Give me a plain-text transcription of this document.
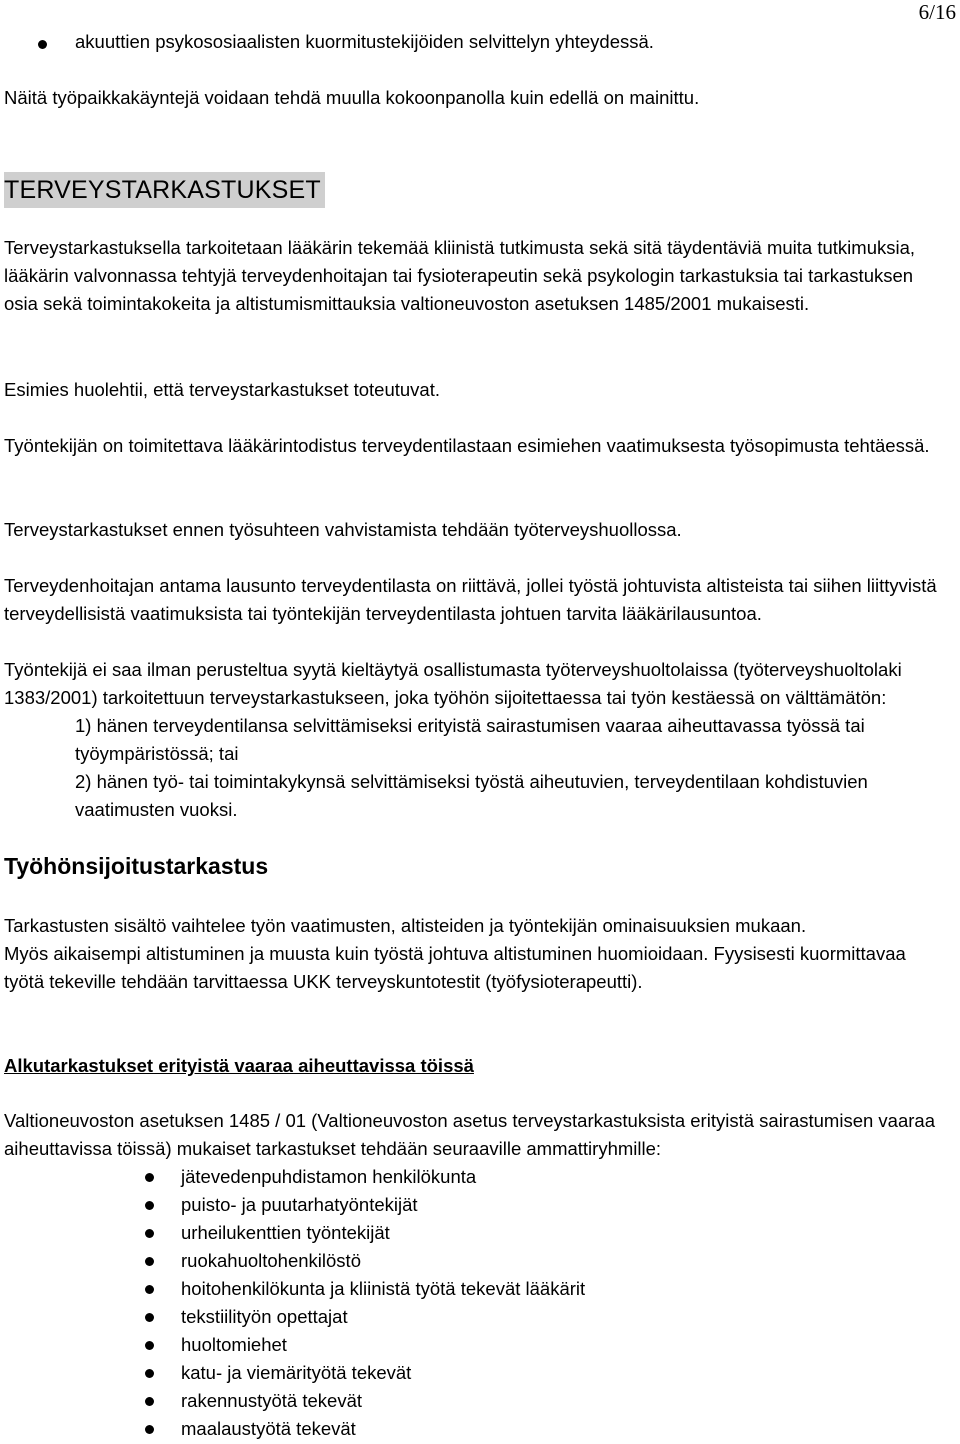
6/16

akuuttien psykososiaalisten kuormitustekijöiden selvittelyn yhteydessä.

Näitä työpaikkakäyntejä voidaan tehdä muulla kokoonpanolla kuin edellä on mainittu.

TERVEYSTARKASTUKSET

Terveystarkastuksella tarkoitetaan lääkärin tekemää kliinistä tutkimusta sekä sitä täydentäviä muita tutkimuksia, lääkärin valvonnassa tehtyjä terveydenhoitajan tai fysioterapeutin sekä psykologin tarkastuksia tai tarkastuksen osia sekä toimintakokeita ja altistumismittauksia valtioneuvoston asetuksen 1485/2001 mukaisesti.

Esimies huolehtii, että terveystarkastukset toteutuvat.

Työntekijän on toimitettava lääkärintodistus terveydentilastaan esimiehen vaatimuksesta työsopimusta tehtäessä.

Terveystarkastukset ennen työsuhteen vahvistamista tehdään työterveyshuollossa.

Terveydenhoitajan antama lausunto terveydentilasta on riittävä, jollei työstä johtuvista altisteista tai siihen liittyvistä terveydellisistä vaatimuksista tai työntekijän terveydentilasta johtuen tarvita lääkärilausuntoa.

Työntekijä ei saa ilman perusteltua syytä kieltäytyä osallistumasta työterveyshuoltolaissa (työterveyshuoltolaki 1383/2001) tarkoitettuun terveystarkastukseen, joka työhön sijoitettaessa tai työn kestäessä on välttämätön:

1) hänen terveydentilansa selvittämiseksi erityistä sairastumisen vaaraa aiheuttavassa työssä tai työympäristössä; tai

2) hänen työ- tai toimintakykynsä selvittämiseksi työstä aiheutuvien, terveydentilaan kohdistuvien vaatimusten vuoksi.

Työhönsijoitustarkastus

Tarkastusten sisältö vaihtelee työn vaatimusten, altisteiden ja työntekijän ominaisuuksien mukaan.

Myös aikaisempi altistuminen ja muusta kuin työstä johtuva altistuminen huomioidaan. Fyysisesti kuormittavaa työtä tekeville tehdään tarvittaessa UKK terveyskuntotestit (työfysioterapeutti).

Alkutarkastukset erityistä vaaraa aiheuttavissa töissä

Valtioneuvoston asetuksen 1485 / 01 (Valtioneuvoston asetus terveystarkastuksista erityistä sairastumisen vaaraa aiheuttavissa töissä) mukaiset tarkastukset tehdään seuraaville ammattiryhmille:

jätevedenpuhdistamon henkilökunta
puisto- ja puutarhatyöntekijät
urheilukenttien työntekijät
ruokahuoltohenkilöstö
hoitohenkilökunta ja kliinistä työtä tekevät lääkärit
tekstiilityön opettajat
huoltomiehet
katu- ja viemärityötä tekevät
rakennustyötä tekevät
maalaustyötä tekevät
